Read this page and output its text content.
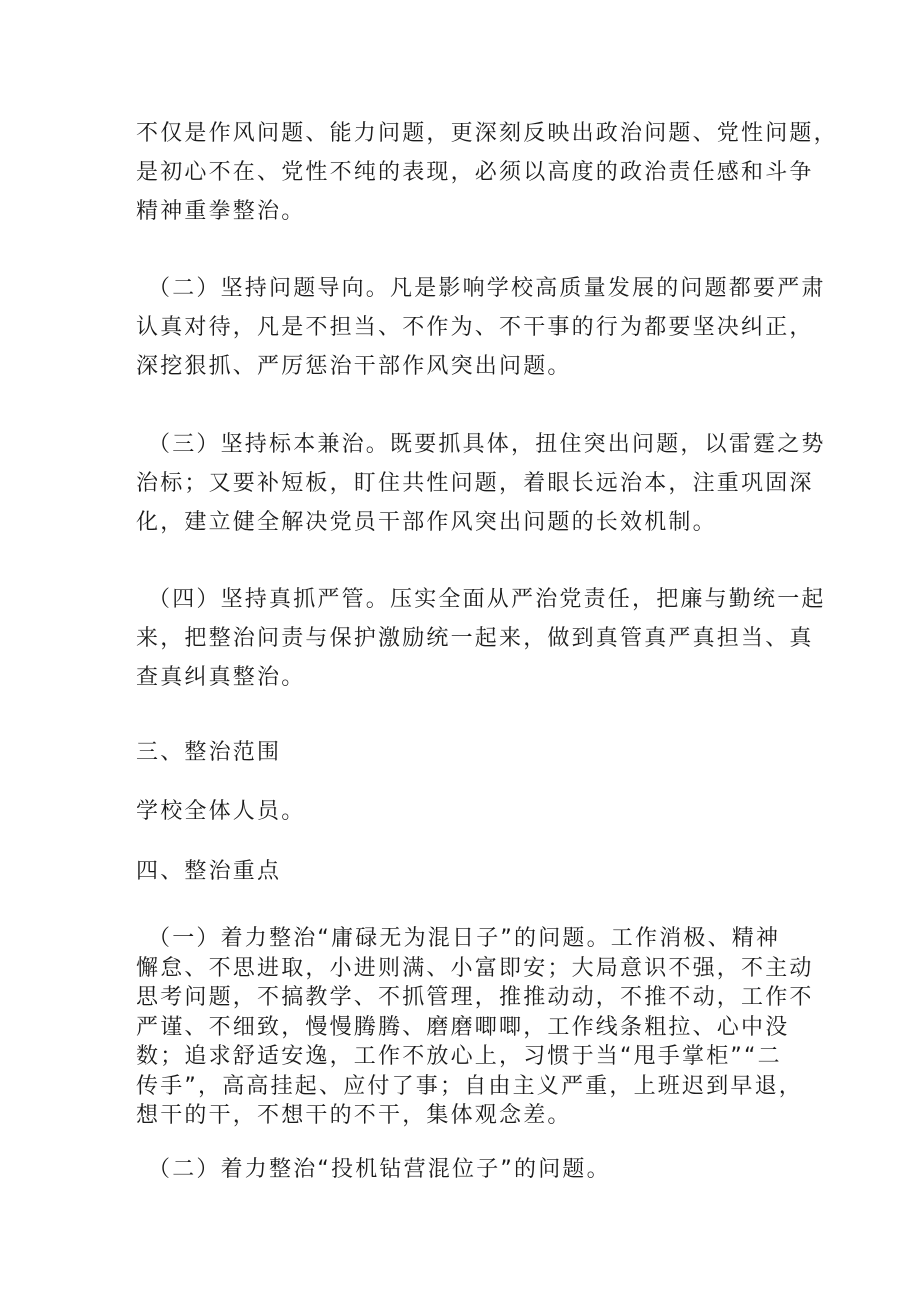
不仅是作风问题、能力问题，更深刻反映出政治问题、党性问题，
是初心不在、党性不纯的表现，必须以高度的政治责任感和斗争
精神重拳整治。

（二）坚持问题导向。凡是影响学校高质量发展的问题都要严肃
认真对待，凡是不担当、不作为、不干事的行为都要坚决纠正，
深挖狠抓、严厉惩治干部作风突出问题。

（三）坚持标本兼治。既要抓具体，扭住突出问题，以雷霆之势
治标；又要补短板，盯住共性问题，着眼长远治本，注重巩固深
化，建立健全解决党员干部作风突出问题的长效机制。

（四）坚持真抓严管。压实全面从严治党责任，把廉与勤统一起
来，把整治问责与保护激励统一起来，做到真管真严真担当、真
查真纠真整治。

三、整治范围

学校全体人员。

四、整治重点

（一）着力整治“庸碌无为混日子”的问题。工作消极、精神
懈怠、不思进取，小进则满、小富即安；大局意识不强，不主动
思考问题，不搞教学、不抓管理，推推动动，不推不动，工作不
严谨、不细致，慢慢腾腾、磨磨唧唧，工作线条粗拉、心中没
数；追求舒适安逸，工作不放心上，习惯于当“甩手掌柜”“二
传手”，高高挂起、应付了事；自由主义严重，上班迟到早退，
想干的干，不想干的不干，集体观念差。

（二）着力整治“投机钻营混位子”的问题。
